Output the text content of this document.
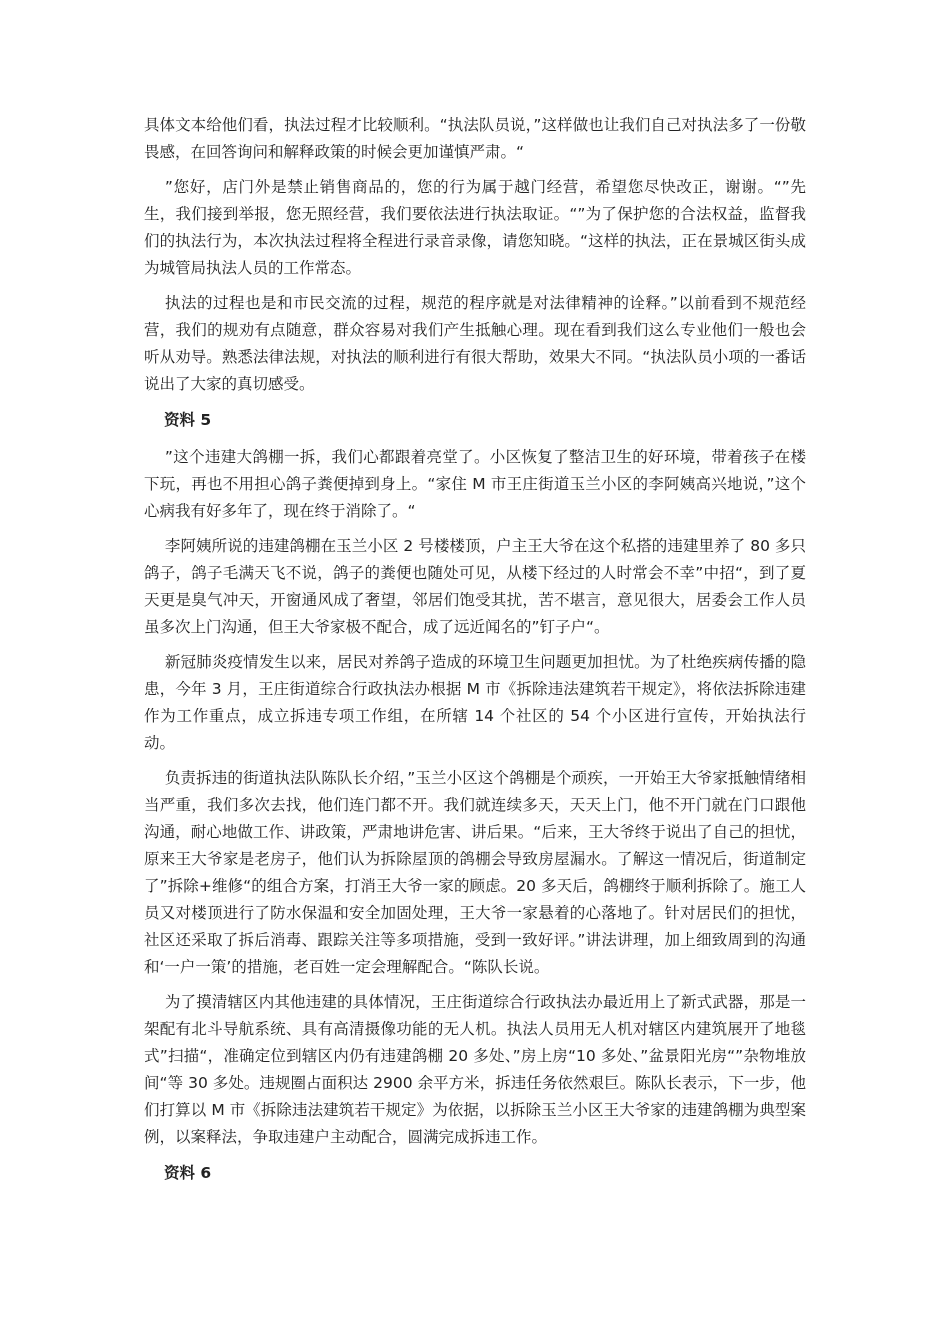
具体文本给他们看，执法过程才比较顺利。“执法队员说，”这样做也让我们自己对执法多了一份敬畏感，在回答询问和解释政策的时候会更加谨慎严肃。“

”您好，店门外是禁止销售商品的，您的行为属于越门经营，希望您尽快改正，谢谢。“”先生，我们接到举报，您无照经营，我们要依法进行执法取证。“”为了保护您的合法权益，监督我们的执法行为，本次执法过程将全程进行录音录像，请您知晓。“这样的执法，正在景城区街头成为城管局执法人员的工作常态。

执法的过程也是和市民交流的过程，规范的程序就是对法律精神的诠释。”以前看到不规范经营，我们的规劝有点随意，群众容易对我们产生抵触心理。现在看到我们这么专业他们一般也会听从劝导。熟悉法律法规，对执法的顺利进行有很大帮助，效果大不同。“执法队员小项的一番话说出了大家的真切感受。

资料 5

”这个违建大鸽棚一拆，我们心都跟着亮堂了。小区恢复了整洁卫生的好环境，带着孩子在楼下玩，再也不用担心鸽子粪便掉到身上。“家住 M 市王庄街道玉兰小区的李阿姨高兴地说，”这个心病我有好多年了，现在终于消除了。“

李阿姨所说的违建鸽棚在玉兰小区 2 号楼楼顶，户主王大爷在这个私搭的违建里养了 80 多只鸽子，鸽子毛满天飞不说，鸽子的粪便也随处可见，从楼下经过的人时常会不幸”中招“，到了夏天更是臭气冲天，开窗通风成了奢望，邻居们饱受其扰，苦不堪言，意见很大，居委会工作人员虽多次上门沟通，但王大爷家极不配合，成了远近闻名的”钉子户“。

新冠肺炎疫情发生以来，居民对养鸽子造成的环境卫生问题更加担忧。为了杜绝疾病传播的隐患，今年 3 月，王庄街道综合行政执法办根据 M 市《拆除违法建筑若干规定》，将依法拆除违建作为工作重点，成立拆违专项工作组，在所辖 14 个社区的 54 个小区进行宣传，开始执法行动。

负责拆违的街道执法队陈队长介绍，”玉兰小区这个鸽棚是个顽疾，一开始王大爷家抵触情绪相当严重，我们多次去找，他们连门都不开。我们就连续多天，天天上门，他不开门就在门口跟他沟通，耐心地做工作、讲政策，严肃地讲危害、讲后果。“后来，王大爷终于说出了自己的担忧，原来王大爷家是老房子，他们认为拆除屋顶的鸽棚会导致房屋漏水。了解这一情况后，街道制定了”拆除+维修“的组合方案，打消王大爷一家的顾虑。20 多天后，鸽棚终于顺利拆除了。施工人员又对楼顶进行了防水保温和安全加固处理，王大爷一家悬着的心落地了。针对居民们的担忧，社区还采取了拆后消毒、跟踪关注等多项措施，受到一致好评。”讲法讲理，加上细致周到的沟通和‘一户一策’的措施，老百姓一定会理解配合。“陈队长说。

为了摸清辖区内其他违建的具体情况，王庄街道综合行政执法办最近用上了新式武器，那是一架配有北斗导航系统、具有高清摄像功能的无人机。执法人员用无人机对辖区内建筑展开了地毯式”扫描“，准确定位到辖区内仍有违建鸽棚 20 多处、”房上房“10 多处、”盆景阳光房“”杂物堆放间“等 30 多处。违规圈占面积达 2900 余平方米，拆违任务依然艰巨。陈队长表示，下一步，他们打算以 M 市《拆除违法建筑若干规定》为依据，以拆除玉兰小区王大爷家的违建鸽棚为典型案例，以案释法，争取违建户主动配合，圆满完成拆违工作。

资料 6
